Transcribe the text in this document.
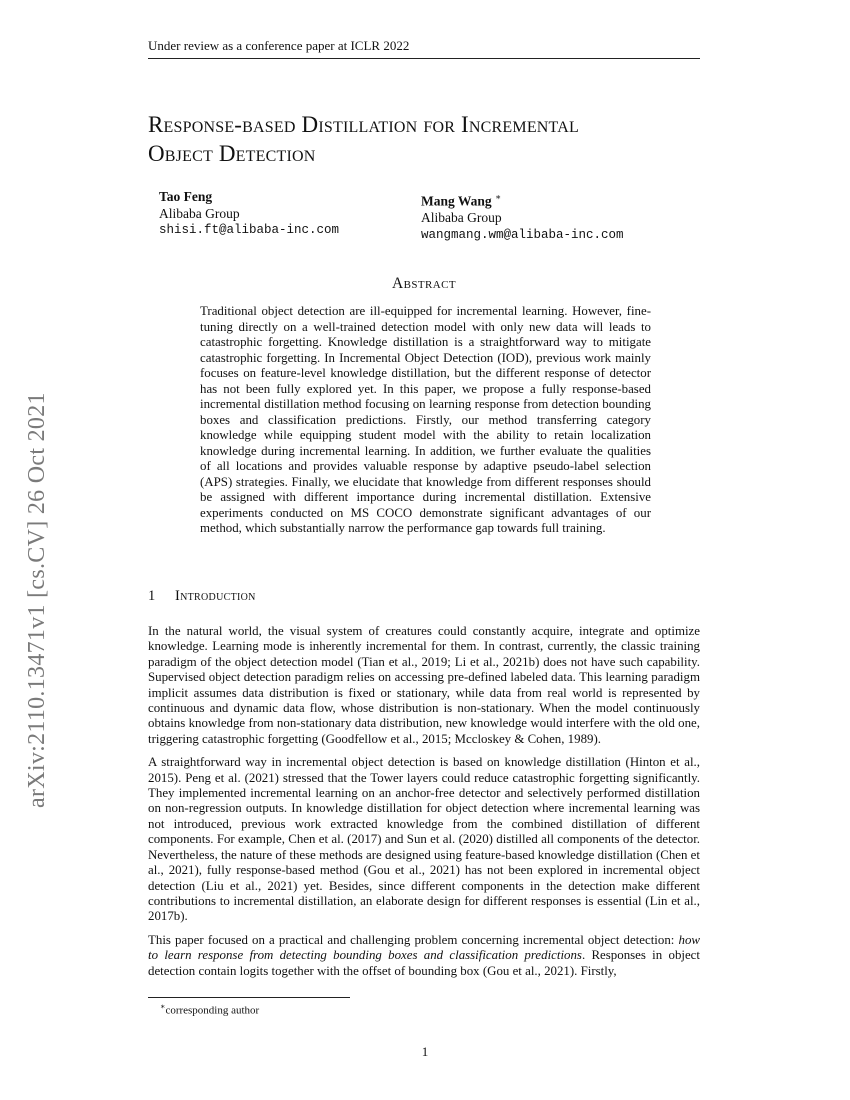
Under review as a conference paper at ICLR 2022
arXiv:2110.13471v1 [cs.CV] 26 Oct 2021
Response-based Distillation for Incremental
Object Detection
Tao Feng
Alibaba Group
shisi.ft@alibaba-inc.com
Mang Wang ∗
Alibaba Group
wangmang.wm@alibaba-inc.com
Abstract
Traditional object detection are ill-equipped for incremental learning. However, fine-tuning directly on a well-trained detection model with only new data will leads to catastrophic forgetting. Knowledge distillation is a straightforward way to mitigate catastrophic forgetting. In Incremental Object Detection (IOD), previous work mainly focuses on feature-level knowledge distillation, but the different response of detector has not been fully explored yet. In this paper, we propose a fully response-based incremental distillation method focusing on learning response from detection bounding boxes and classification predictions. Firstly, our method transferring category knowledge while equipping student model with the ability to retain localization knowledge during incremental learning. In addition, we further evaluate the qualities of all locations and provides valuable response by adaptive pseudo-label selection (APS) strategies. Finally, we elucidate that knowledge from different responses should be assigned with different importance during incremental distillation. Extensive experiments conducted on MS COCO demonstrate significant advantages of our method, which substantially narrow the performance gap towards full training.
1 Introduction

In the natural world, the visual system of creatures could constantly acquire, integrate and optimize knowledge. Learning mode is inherently incremental for them. In contrast, currently, the classic training paradigm of the object detection model (Tian et al., 2019; Li et al., 2021b) does not have such capability. Supervised object detection paradigm relies on accessing pre-defined labeled data. This learning paradigm implicit assumes data distribution is fixed or stationary, while data from real world is represented by continuous and dynamic data flow, whose distribution is non-stationary. When the model continuously obtains knowledge from non-stationary data distribution, new knowledge would interfere with the old one, triggering catastrophic forgetting (Goodfellow et al., 2015; Mccloskey & Cohen, 1989).

A straightforward way in incremental object detection is based on knowledge distillation (Hinton et al., 2015). Peng et al. (2021) stressed that the Tower layers could reduce catastrophic forgetting significantly. They implemented incremental learning on an anchor-free detector and selectively performed distillation on non-regression outputs. In knowledge distillation for object detection where incremental learning was not introduced, previous work extracted knowledge from the combined distillation of different components. For example, Chen et al. (2017) and Sun et al. (2020) distilled all components of the detector. Nevertheless, the nature of these methods are designed using feature-based knowledge distillation (Chen et al., 2021), fully response-based method (Gou et al., 2021) has not been explored in incremental object detection (Liu et al., 2021) yet. Besides, since different components in the detection make different contributions to incremental distillation, an elaborate design for different responses is essential (Lin et al., 2017b).

This paper focused on a practical and challenging problem concerning incremental object detection: how to learn response from detecting bounding boxes and classification predictions. Responses in object detection contain logits together with the offset of bounding box (Gou et al., 2021). Firstly,

∗corresponding author
1
